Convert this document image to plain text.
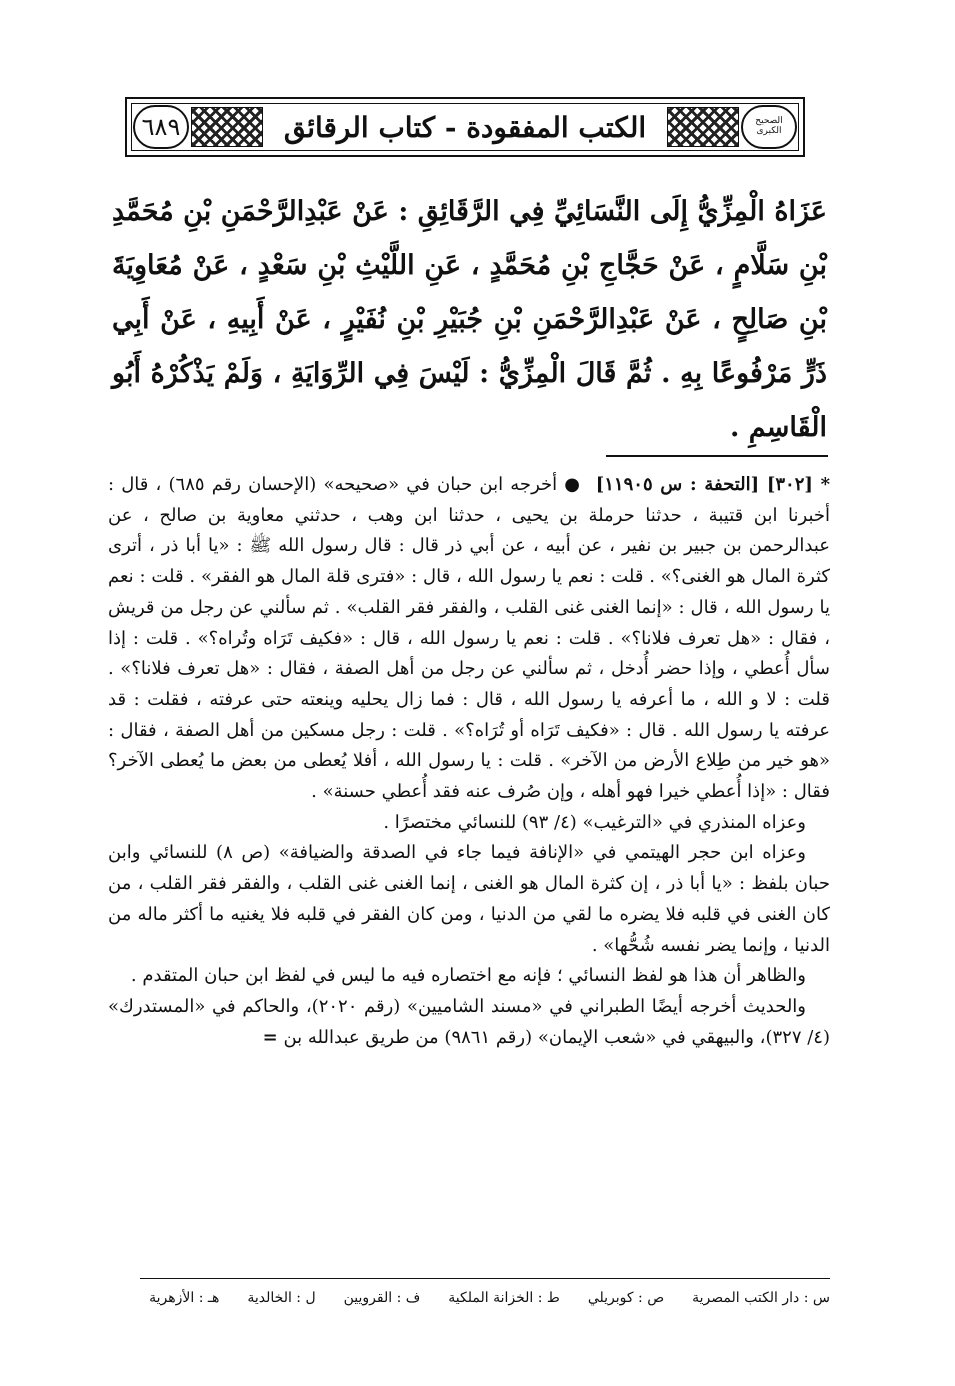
٦٨٩	الكتب المفقودة - كتاب الرقائق	الصحيح الكبرى
عَزَاهُ الْمِزِّيُّ إِلَى النَّسَائِيِّ فِي الرَّقَائِقِ : عَنْ عَبْدِالرَّحْمَنِ بْنِ مُحَمَّدِ بْنِ سَلَّامٍ ، عَنْ حَجَّاجِ بْنِ مُحَمَّدٍ ، عَنِ اللَّيْثِ بْنِ سَعْدٍ ، عَنْ مُعَاوِيَةَ بْنِ صَالِحٍ ، عَنْ عَبْدِالرَّحْمَنِ بْنِ جُبَيْرِ بْنِ نُفَيْرٍ ، عَنْ أَبِيهِ ، عَنْ أَبِي ذَرٍّ مَرْفُوعًا بِهِ . ثُمَّ قَالَ الْمِزِّيُّ : لَيْسَ فِي الرِّوَايَةِ ، وَلَمْ يَذْكُرْهُ أَبُو الْقَاسِمِ .

* [٣٠٢] [التحفة : س ١١٩٠٥]  ● أخرجه ابن حبان في «صحيحه» (الإحسان رقم ٦٨٥) ، قال : أخبرنا ابن قتيبة ، حدثنا حرملة بن يحيى ، حدثنا ابن وهب ، حدثني معاوية بن صالح ، عن عبدالرحمن بن جبير بن نفير ، عن أبيه ، عن أبي ذر قال : قال رسول الله ﷺ : «يا أبا ذر ، أترى كثرة المال هو الغنى؟» . قلت : نعم يا رسول الله ، قال : «فترى قلة المال هو الفقر» . قلت : نعم يا رسول الله ، قال : «إنما الغنى غنى القلب ، والفقر فقر القلب» . ثم سألني عن رجل من قريش ، فقال : «هل تعرف فلانا؟» . قلت : نعم يا رسول الله ، قال : «فكيف تَرَاه وتُراه؟» . قلت : إذا سأل أُعطي ، وإذا حضر أُدخل ، ثم سألني عن رجل من أهل الصفة ، فقال : «هل تعرف فلانا؟» . قلت : لا و الله ، ما أعرفه يا رسول الله ، قال : فما زال يحليه وينعته حتى عرفته ، فقلت : قد عرفته يا رسول الله . قال : «فكيف تَرَاه أو تُرَاه؟» . قلت : رجل مسكين من أهل الصفة ، فقال : «هو خير من طِلاع الأرض من الآخر» . قلت : يا رسول الله ، أفلا يُعطى من بعض ما يُعطى الآخر؟ فقال : «إذا أُعطي خيرا فهو أهله ، وإن صُرف عنه فقد أُعطي حسنة» .

وعزاه المنذري في «الترغيب» (٤/ ٩٣) للنسائي مختصرًا .

وعزاه ابن حجر الهيتمي في «الإنافة فيما جاء في الصدقة والضيافة» (ص ٨) للنسائي وابن حبان بلفظ : «يا أبا ذر ، إن كثرة المال هو الغنى ، إنما الغنى غنى القلب ، والفقر فقر القلب ، من كان الغنى في قلبه فلا يضره ما لقي من الدنيا ، ومن كان الفقر في قلبه فلا يغنيه ما أكثر ماله من الدنيا ، وإنما يضر نفسه شُحُّها» .

والظاهر أن هذا هو لفظ النسائي ؛ فإنه مع اختصاره فيه ما ليس في لفظ ابن حبان المتقدم .

والحديث أخرجه أيضًا الطبراني في «مسند الشاميين» (رقم ٢٠٢٠)، والحاكم في «المستدرك» (٤/ ٣٢٧)، والبيهقي في «شعب الإيمان» (رقم ٩٨٦١) من طريق عبدالله بن =

س : دار الكتب المصرية
ص : كوبريلي
ط : الخزانة الملكية
ف : القرويين
ل : الخالدية
هـ : الأزهرية
